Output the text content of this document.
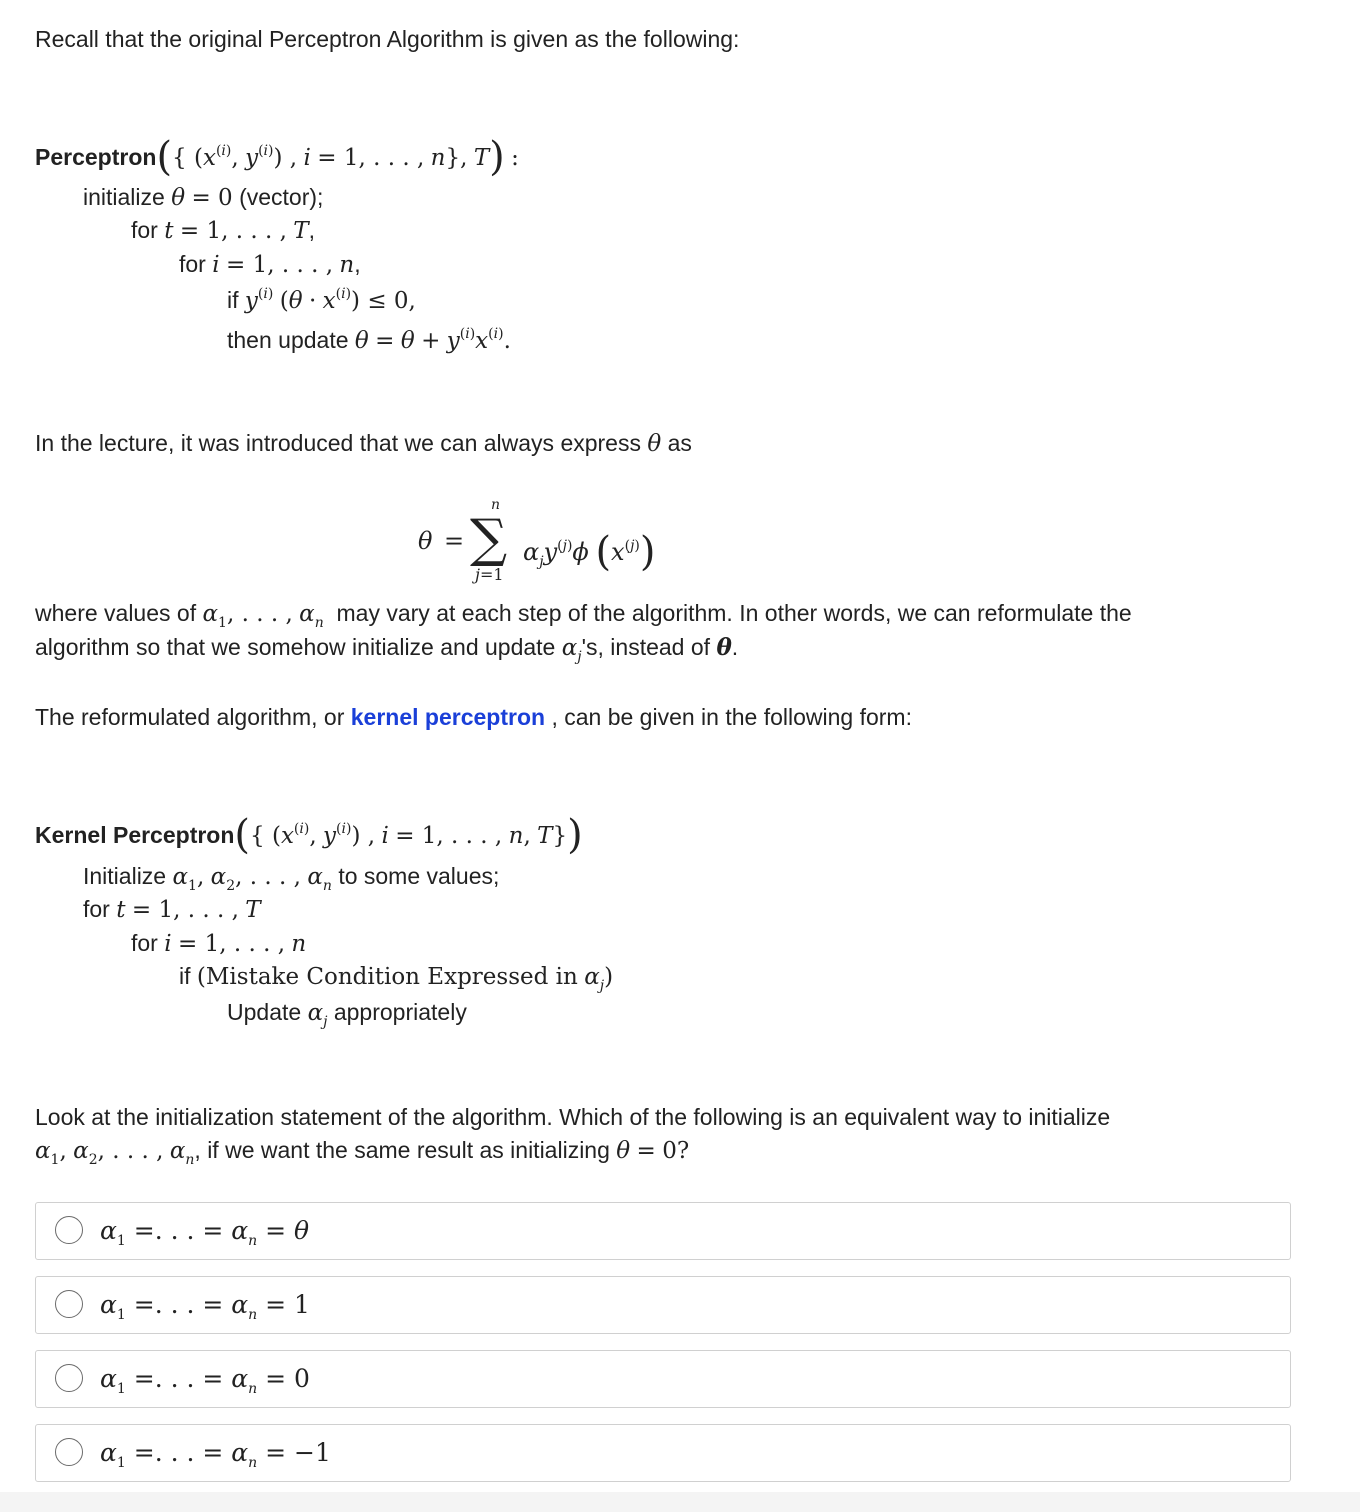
Recall that the original Perceptron Algorithm is given as the following:
Perceptron({ ($x^{(i)}$, $y^{(i)}$) , i = 1, . . . , n}, T) :
initialize θ = 0 (vector);
for t = 1, . . . , T,
for i = 1, . . . , n,
if $y^{(i)}$ $(\theta \cdot x^{(i)}) \le 0$,
then update $\theta = \theta + y^{(i)}x^{(i)}$.
In the lecture, it was introduced that we can always express θ as
θ =
n
∑
j=1
$\alpha_jy^{(j)}\phi$ $(x^{(j)})$
where values of $\alpha_1$, . . . , $\alpha_n$ may vary at each step of the algorithm. In other words, we can reformulate the
algorithm so that we somehow initialize and update $\alpha_j's$, instead of θ.
The reformulated algorithm, or kernel perceptron , can be given in the following form:
Kernel Perceptron({ ($x^{(i)}$, $y^{(i)}$) , i = 1, . . . , n, T})
Initialize $\alpha_1$, $\alpha_2$, . . . , $\alpha_n$ to some values;
for t = 1, . . . , T
for i = 1, . . . , n
if (Mistake Condition Expressed in $\alpha_j$)
Update $\alpha_j$ appropriately
Look at the initialization statement of the algorithm. Which of the following is an equivalent way to initialize
$\alpha_1$, $\alpha_2$, . . . , $\alpha_n$, if we want the same result as initializing θ = 0?
$\alpha_1$ =. . . = $\alpha_n = \theta$
$\alpha_1$ =. . . = $\alpha_n = 1$
$\alpha_1$ =. . . = $\alpha_n = 0$
$\alpha_1$ =. . . = $\alpha_n = -1$
